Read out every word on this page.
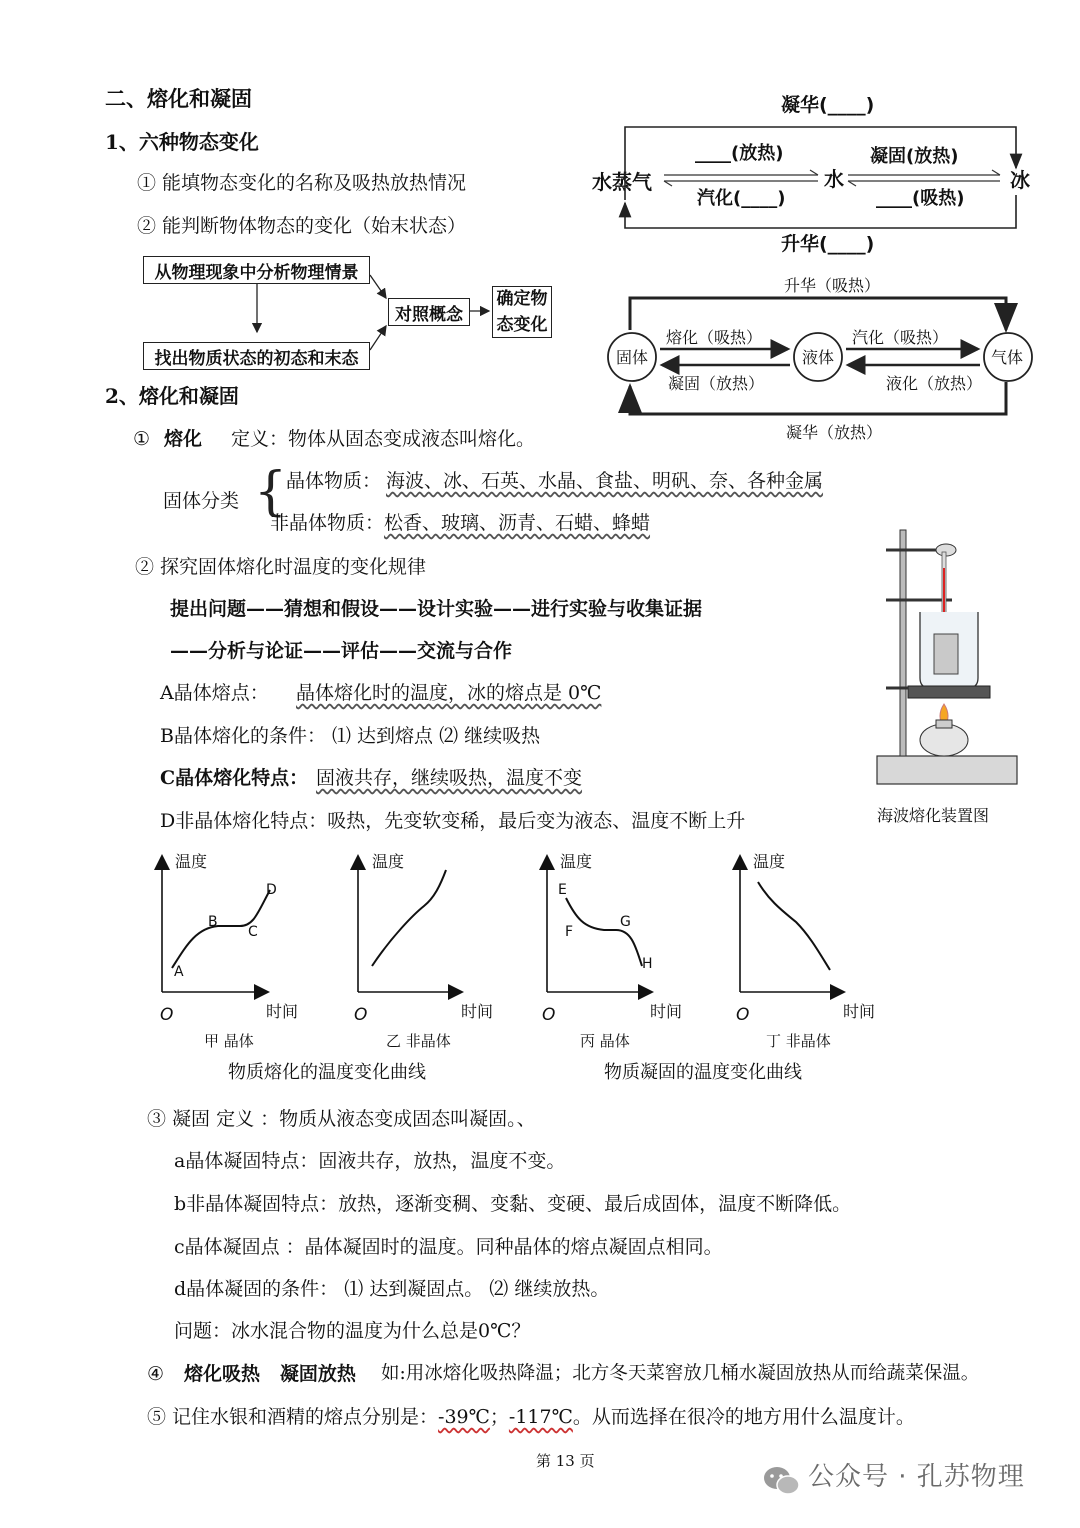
二、熔化和凝固
1、六种物态变化
① 能填物态变化的名称及吸热放热情况
② 能判断物体物态的变化（始末状态）
从物理现象中分析物理情景
找出物质状态的初态和末态
对照概念
确定物
态变化
凝华(____)
水蒸气	水	冰
____(放热)
汽化(____)
凝固(放热)
____(吸热)
升华(____)
升华（吸热）
固体	液体	气体
熔化（吸热）
凝固（放热）
汽化（吸热）
液化（放热）
凝华（放热）
2、熔化和凝固
① 熔化 定义：物体从固态变成液态叫熔化。
固体分类 {
晶体物质： 海波、冰、石英、水晶、食盐、明矾、奈、各种金属
非晶体物质： 松香、玻璃、沥青、石蜡、蜂蜡
② 探究固体熔化时温度的变化规律
提出问题——猜想和假设——设计实验——进行实验与收集证据
——分析与论证——评估——交流与合作
A晶体熔点： 晶体熔化时的温度，冰的熔点是 0℃
B晶体熔化的条件： ⑴ 达到熔点 ⑵ 继续吸热
C晶体熔化特点： 固液共存，继续吸热，温度不变
D非晶体熔化特点：吸热，先变软变稀，最后变为液态、温度不断上升	海波熔化装置图
温度	温度	温度	温度
时间	时间	时间	时间
O	O	O	O
A
B
C
D	E
F
G
H
甲 晶体	乙 非晶体	丙 晶体	丁 非晶体
物质熔化的温度变化曲线	物质凝固的温度变化曲线
③ 凝固 定义 ：物质从液态变成固态叫凝固。、
a晶体凝固特点：固液共存，放热，温度不变。
b非晶体凝固特点：放热，逐渐变稠、变黏、变硬、最后成固体，温度不断降低。
c晶体凝固点 ：晶体凝固时的温度。同种晶体的熔点凝固点相同。
d晶体凝固的条件： ⑴ 达到凝固点。 ⑵ 继续放热。
问题：冰水混合物的温度为什么总是0℃？
④ 熔化吸热   凝固放热 如:用冰熔化吸热降温；北方冬天菜窖放几桶水凝固放热从而给蔬菜保温。
⑤ 记住水银和酒精的熔点分别是：-39℃；-117℃。从而选择在很冷的地方用什么温度计。
第 13 页
公众号 · 孔苏物理
